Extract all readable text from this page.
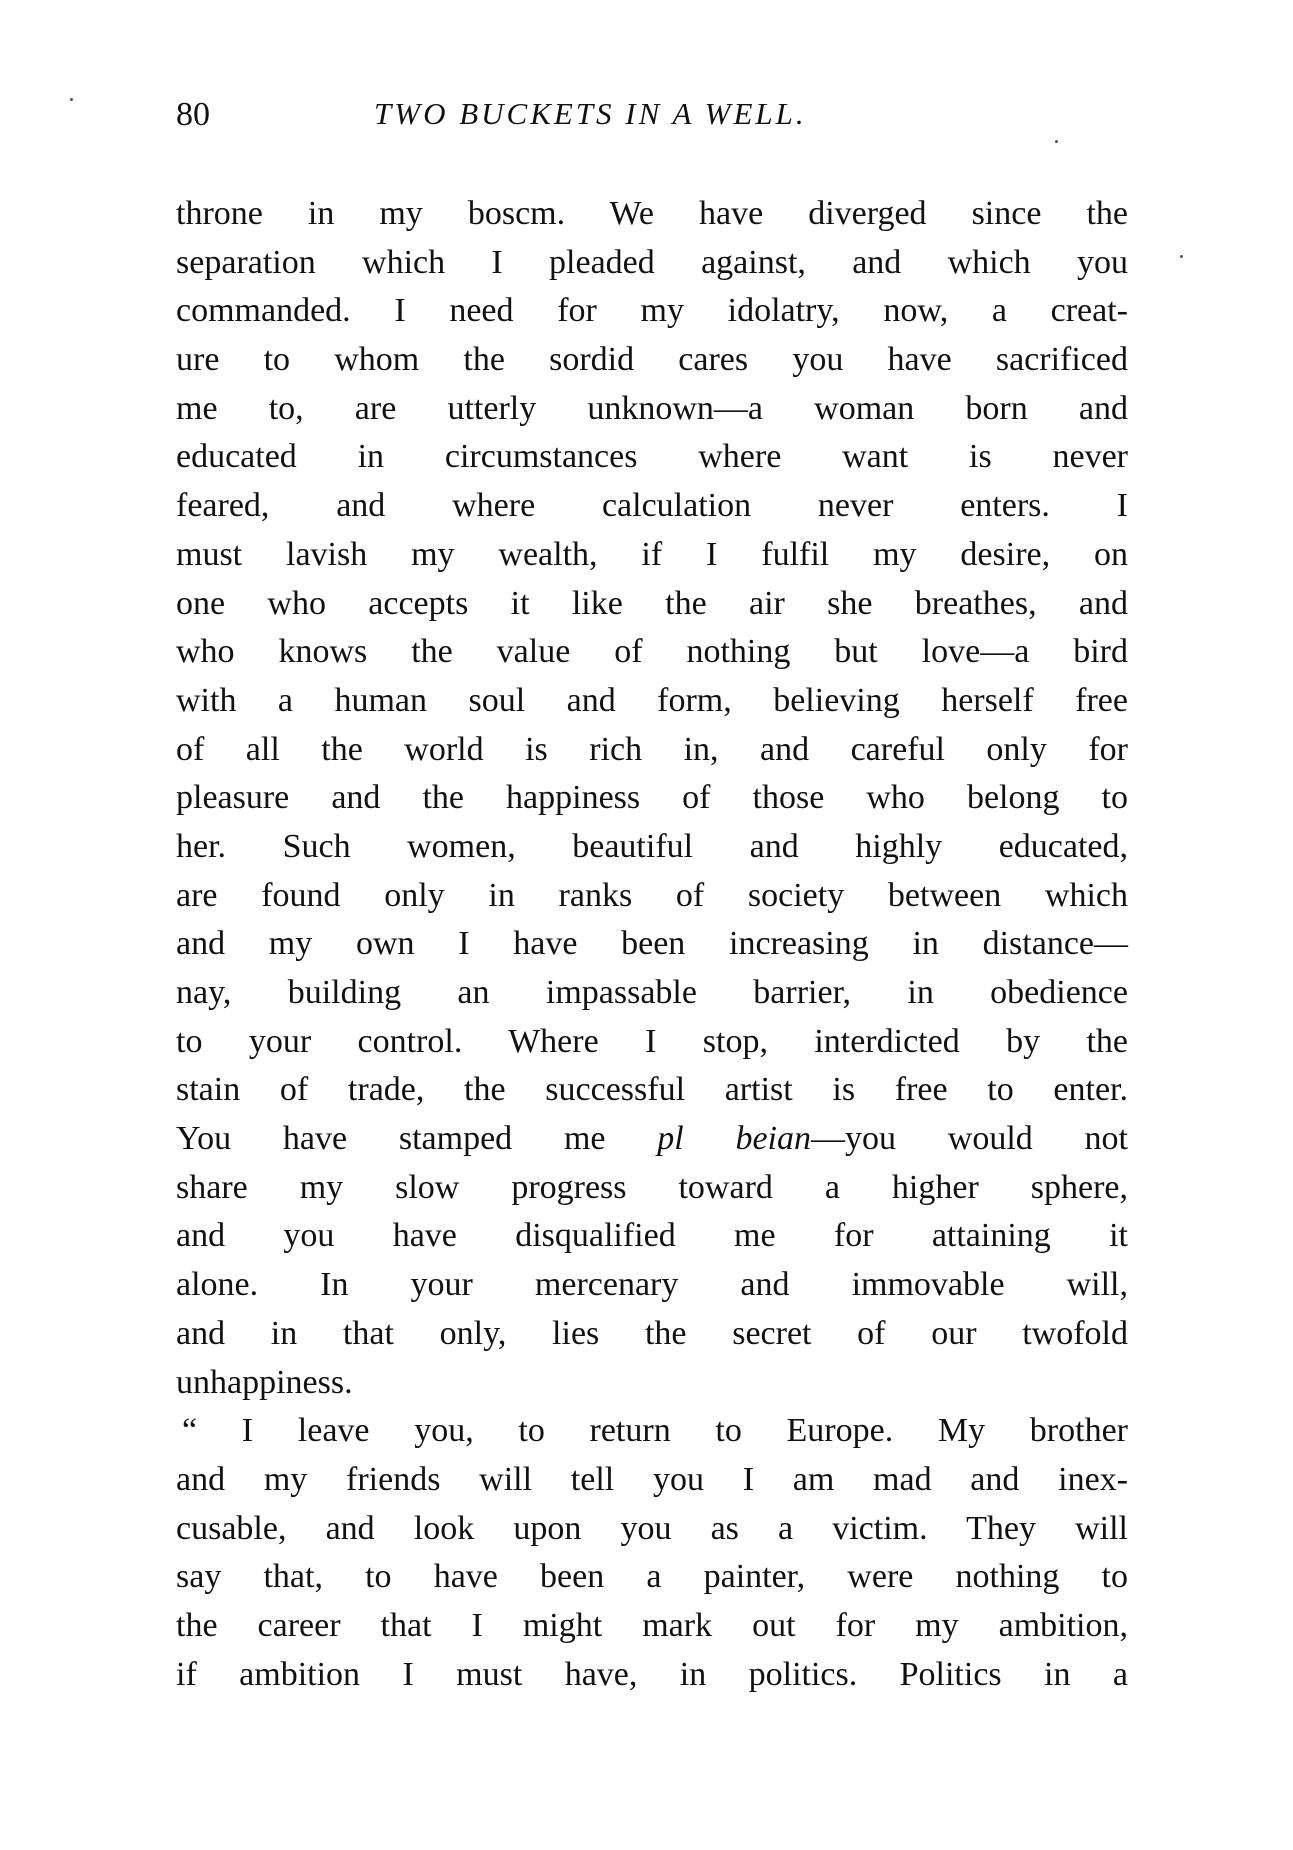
80	TWO BUCKETS IN A WELL.
throne in my boscm. We have diverged since the
separation which I pleaded against, and which you
commanded. I need for my idolatry, now, a creat-
ure to whom the sordid cares you have sacrificed
me to, are utterly unknown—a woman born and
educated in circumstances where want is never
feared, and where calculation never enters. I
must lavish my wealth, if I fulfil my desire, on
one who accepts it like the air she breathes, and
who knows the value of nothing but love—a bird
with a human soul and form, believing herself free
of all the world is rich in, and careful only for
pleasure and the happiness of those who belong to
her. Such women, beautiful and highly educated,
are found only in ranks of society between which
and my own I have been increasing in distance—
nay, building an impassable barrier, in obedience
to your control. Where I stop, interdicted by the
stain of trade, the successful artist is free to enter.
You have stamped me pl beian—you would not
share my slow progress toward a higher sphere,
and you have disqualified me for attaining it
alone. In your mercenary and immovable will,
and in that only, lies the secret of our twofold
unhappiness.
“ I leave you, to return to Europe. My brother
and my friends will tell you I am mad and inex-
cusable, and look upon you as a victim. They will
say that, to have been a painter, were nothing to
the career that I might mark out for my ambition,
if ambition I must have, in politics. Politics in a
